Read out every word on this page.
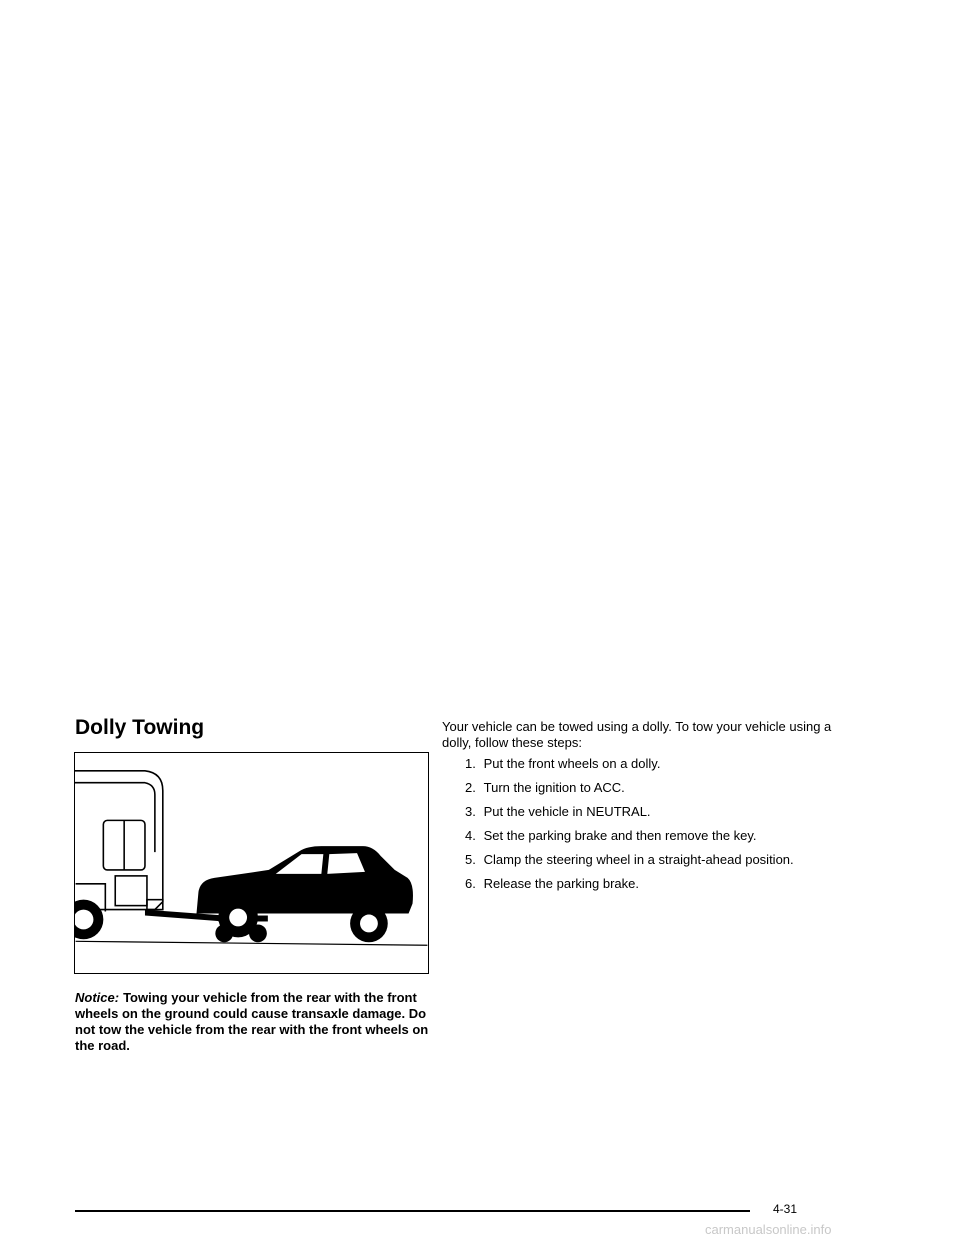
Dolly Towing

Notice: Towing your vehicle from the rear with the front wheels on the ground could cause transaxle damage. Do not tow the vehicle from the rear with the front wheels on the road.

Your vehicle can be towed using a dolly. To tow your vehicle using a dolly, follow these steps:

1.
Put the front wheels on a dolly.
2.
Turn the ignition to ACC.
3.
Put the vehicle in NEUTRAL.
4.
Set the parking brake and then remove the key.
5.
Clamp the steering wheel in a straight-ahead position.
6.
Release the parking brake.
4-31
carmanualsonline.info
